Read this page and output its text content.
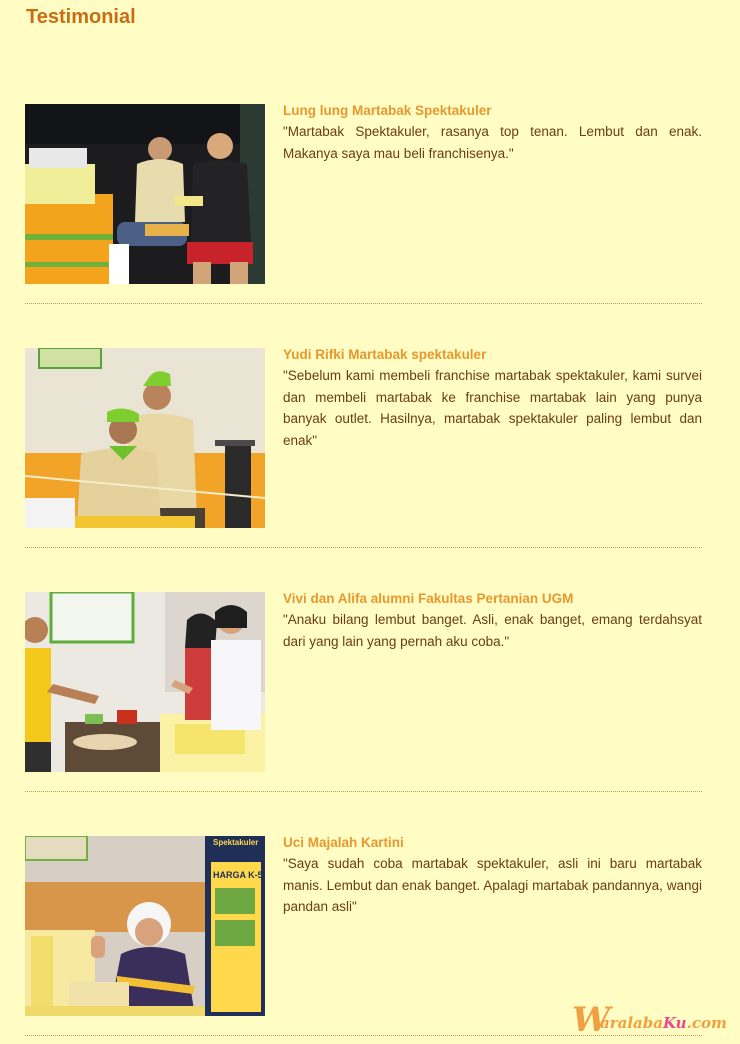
Testimonial

Lung lung Martabak Spektakuler

"Martabak Spektakuler, rasanya top tenan. Lembut dan enak. Makanya saya mau beli franchisenya."

Yudi Rifki Martabak spektakuler

"Sebelum kami membeli franchise martabak spektakuler, kami survei dan membeli martabak ke franchise martabak lain yang punya banyak outlet. Hasilnya, martabak spektakuler paling lembut dan enak"

Vivi dan Alifa alumni Fakultas Pertanian UGM

"Anaku bilang lembut banget. Asli, enak banget, emang terdahsyat dari yang lain yang pernah aku coba."

HARGA K-5
Spektakuler Uci Majalah Kartini

"Saya sudah coba martabak spektakuler, asli ini baru martabak manis. Lembut dan enak banget. Apalagi martabak pandannya, wangi pandan asli"

W
aralabaKu.com
